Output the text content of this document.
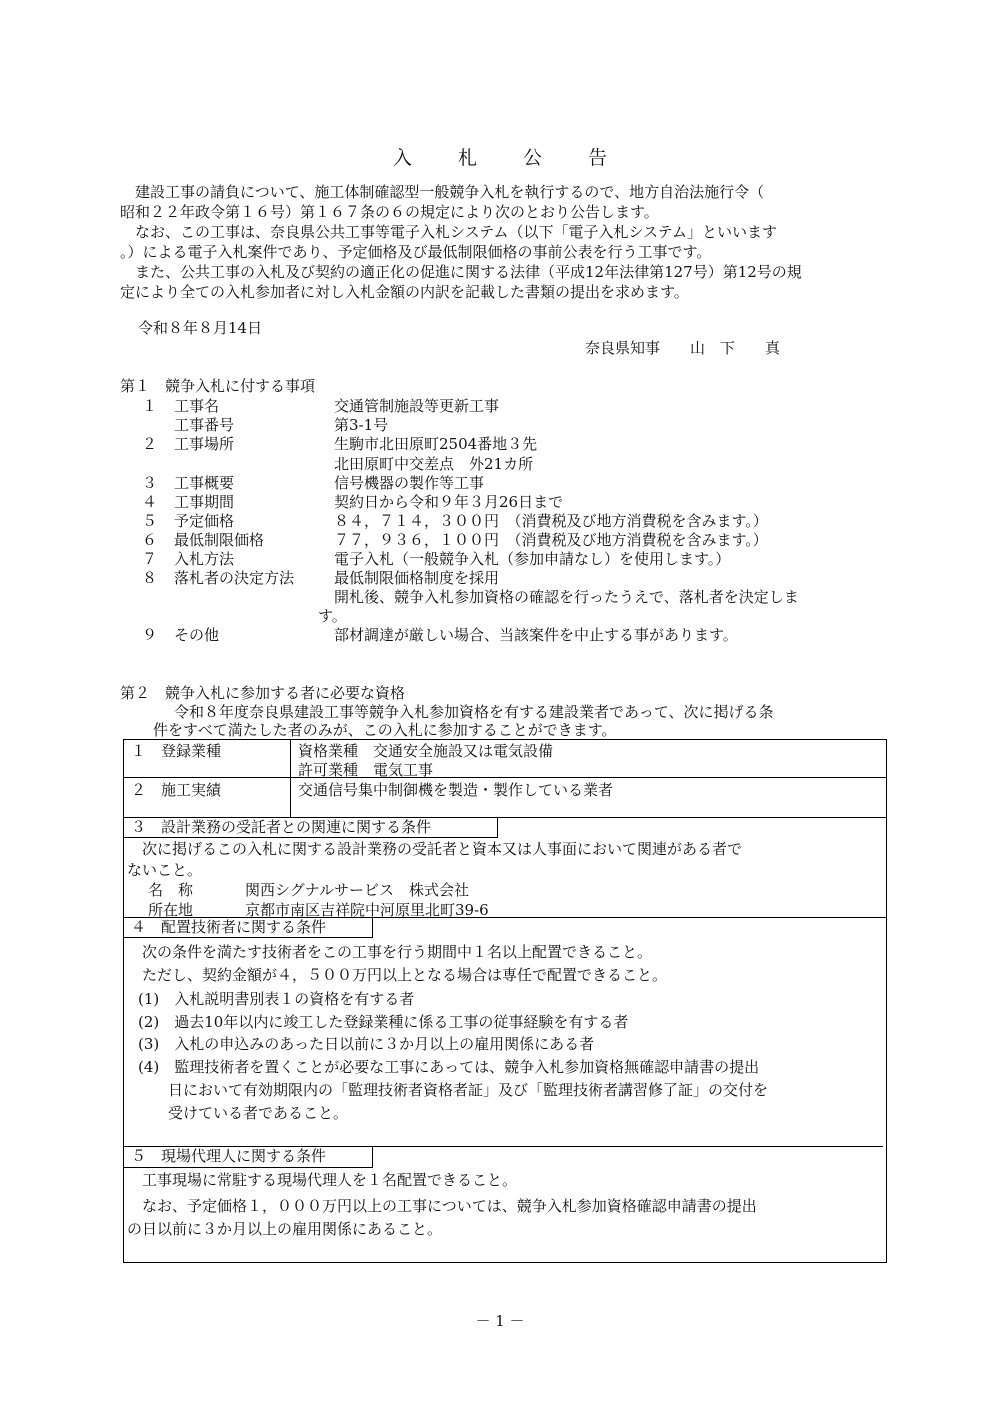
入 札 公 告
　建設工事の請負について、施工体制確認型一般競争入札を執行するので、地方自治法施行令（
昭和２２年政令第１６号）第１６７条の６の規定により次のとおり公告します。
　なお、この工事は、奈良県公共工事等電子入札システム（以下「電子入札システム」といいます
。）による電子入札案件であり、予定価格及び最低制限価格の事前公表を行う工事です。
　また、公共工事の入札及び契約の適正化の促進に関する法律（平成12年法律第127号）第12号の規
定により全ての入札参加者に対し入札金額の内訳を記載した書類の提出を求めます。
令和８年８月14日
奈良県知事　　山　下　　真
第１　競争入札に付する事項
１ 工事名	交通管制施設等更新工事
工事番号	第3-1号
２ 工事場所	生駒市北田原町2504番地３先
北田原町中交差点　外21カ所
３ 工事概要	信号機器の製作等工事
４ 工事期間	契約日から令和９年３月26日まで
５ 予定価格	８４，７１４，３００円　（消費税及び地方消費税を含みます。）
６ 最低制限価格	７７，９３６，１００円　（消費税及び地方消費税を含みます。）
７ 入札方法	電子入札（一般競争入札（参加申請なし）を使用します。）
８ 落札者の決定方法	最低制限価格制度を採用
開札後、競争入札参加資格の確認を行ったうえで、落札者を決定しま
す。
９ その他	部材調達が厳しい場合、当該案件を中止する事があります。
第２　競争入札に参加する者に必要な資格
令和８年度奈良県建設工事等競争入札参加資格を有する建設業者であって、次に掲げる条
件をすべて満たした者のみが、この入札に参加することができます。
１　登録業種	資格業種　交通安全施設又は電気設備
許可業種　電気工事
２　施工実績	交通信号集中制御機を製造・製作している業者
３　設計業務の受託者との関連に関する条件
　次に掲げるこの入札に関する設計業務の受託者と資本又は人事面において関連がある者で
ないこと。
名　称	関西シグナルサービス　株式会社
所在地	京都市南区吉祥院中河原里北町39-6
４　配置技術者に関する条件
　次の条件を満たす技術者をこの工事を行う期間中１名以上配置できること。
　ただし、契約金額が４，５００万円以上となる場合は専任で配置できること。
(1)　入札説明書別表１の資格を有する者
(2)　過去10年以内に竣工した登録業種に係る工事の従事経験を有する者
(3)　入札の申込みのあった日以前に３か月以上の雇用関係にある者
(4)　監理技術者を置くことが必要な工事にあっては、競争入札参加資格無確認申請書の提出
　　日において有効期限内の「監理技術者資格者証」及び「監理技術者講習修了証」の交付を
　　受けている者であること。
５　現場代理人に関する条件
　工事現場に常駐する現場代理人を１名配置できること。
　なお、予定価格１，０００万円以上の工事については、競争入札参加資格確認申請書の提出
の日以前に３か月以上の雇用関係にあること。
－ 1 －
